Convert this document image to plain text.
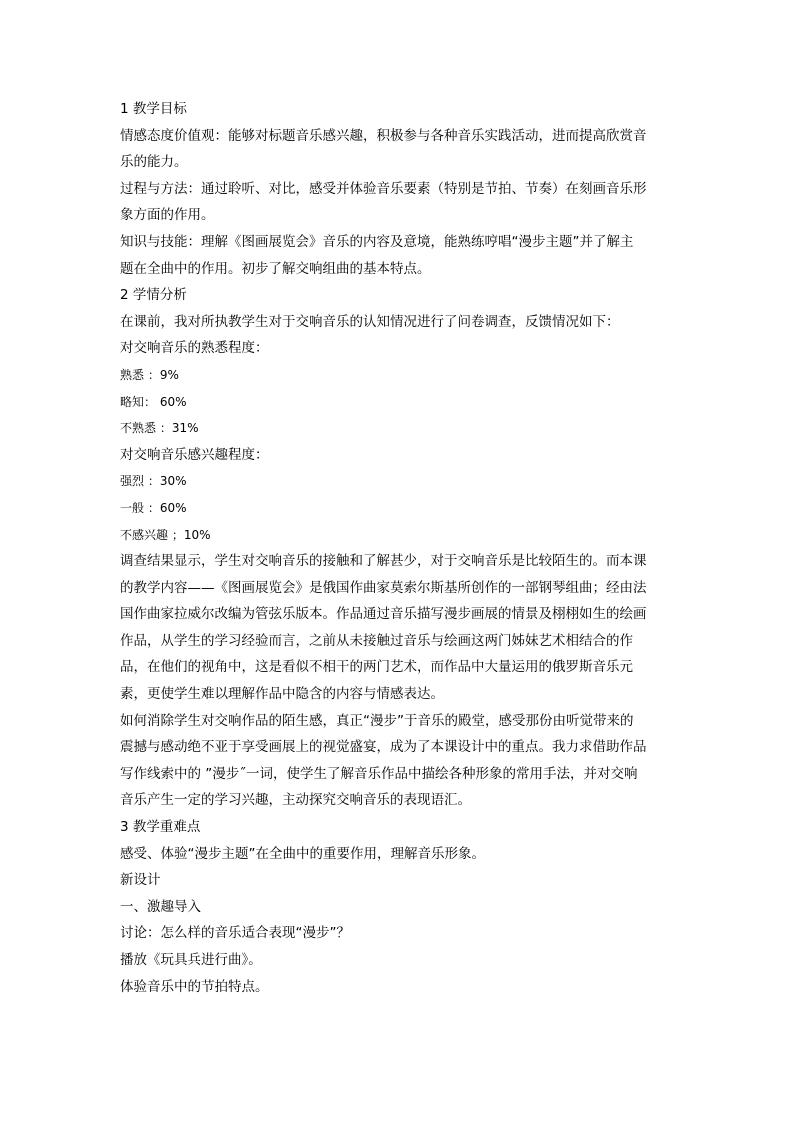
1 教学目标

情感态度价值观：能够对标题音乐感兴趣，积极参与各种音乐实践活动，进而提高欣赏音

乐的能力。

过程与方法：通过聆听、对比，感受并体验音乐要素（特别是节拍、节奏）在刻画音乐形

象方面的作用。

知识与技能：理解《图画展览会》音乐的内容及意境，能熟练哼唱“漫步主题”并了解主

题在全曲中的作用。初步了解交响组曲的基本特点。

2 学情分析

在课前，我对所执教学生对于交响音乐的认知情况进行了问卷调查，反馈情况如下：

对交响音乐的熟悉程度：

熟悉 ：9%

略知： 60%

不熟悉 ：31%

对交响音乐感兴趣程度：

强烈 ：30%

一般 ：60%

不感兴趣 ；10%

调查结果显示，学生对交响音乐的接触和了解甚少，对于交响音乐是比较陌生的。而本课

的教学内容——《图画展览会》是俄国作曲家莫索尔斯基所创作的一部钢琴组曲；经由法

国作曲家拉威尔改编为管弦乐版本。作品通过音乐描写漫步画展的情景及栩栩如生的绘画

作品，从学生的学习经验而言，之前从未接触过音乐与绘画这两门姊妹艺术相结合的作

品，在他们的视角中，这是看似不相干的两门艺术，而作品中大量运用的俄罗斯音乐元

素，更使学生难以理解作品中隐含的内容与情感表达。

如何消除学生对交响作品的陌生感，真正“漫步”于音乐的殿堂，感受那份由听觉带来的

震撼与感动绝不亚于享受画展上的视觉盛宴，成为了本课设计中的重点。我力求借助作品

写作线索中的 ”漫步˝一词，使学生了解音乐作品中描绘各种形象的常用手法，并对交响

音乐产生一定的学习兴趣，主动探究交响音乐的表现语汇。

3 教学重难点

感受、体验“漫步主题”在全曲中的重要作用，理解音乐形象。

新设计

一、激趣导入

讨论：怎么样的音乐适合表现“漫步”？

播放《玩具兵进行曲》。

体验音乐中的节拍特点。
